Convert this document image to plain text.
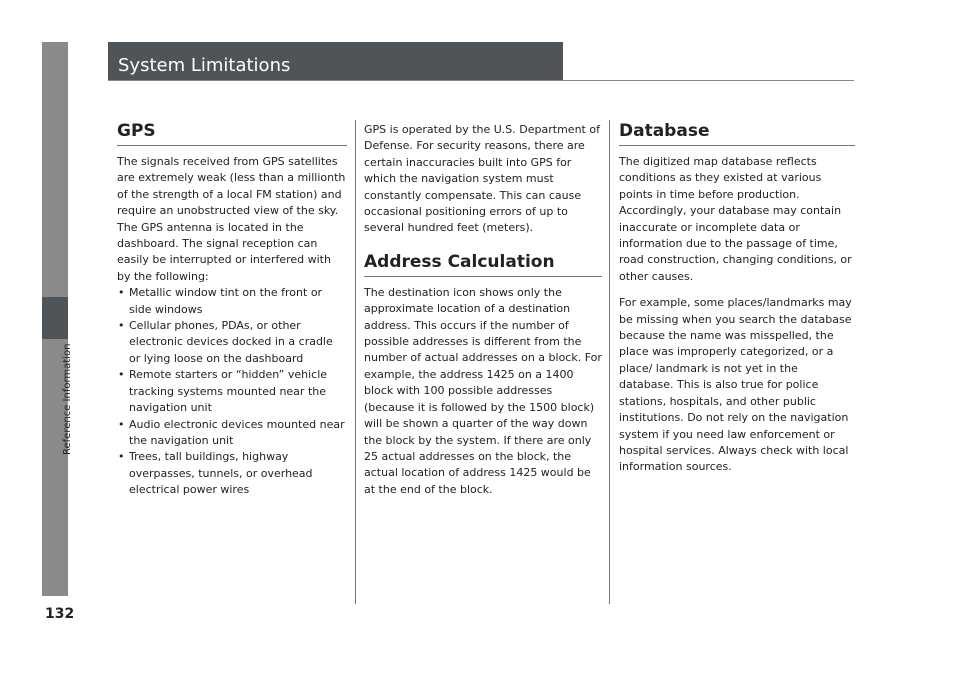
Reference Information
132
System Limitations
GPS

The signals received from GPS satellites are extremely weak (less than a millionth of the strength of a local FM station) and require an unobstructed view of the sky. The GPS antenna is located in the dashboard. The signal reception can easily be interrupted or interfered with by the following:

• Metallic window tint on the front or side windows
• Cellular phones, PDAs, or other electronic devices docked in a cradle or lying loose on the dashboard
• Remote starters or “hidden” vehicle tracking systems mounted near the navigation unit
• Audio electronic devices mounted near the navigation unit
• Trees, tall buildings, highway overpasses, tunnels, or overhead electrical power wires

GPS is operated by the U.S. Department of Defense. For security reasons, there are certain inaccuracies built into GPS for which the navigation system must constantly compensate. This can cause occasional positioning errors of up to several hundred feet (meters).

Address Calculation

The destination icon shows only the approximate location of a destination address. This occurs if the number of possible addresses is different from the number of actual addresses on a block. For example, the address 1425 on a 1400 block with 100 possible addresses (because it is followed by the 1500 block) will be shown a quarter of the way down the block by the system. If there are only 25 actual addresses on the block, the actual location of address 1425 would be at the end of the block.

Database

The digitized map database reflects conditions as they existed at various points in time before production. Accordingly, your database may contain inaccurate or incomplete data or information due to the passage of time, road construction, changing conditions, or other causes.

For example, some places/landmarks may be missing when you search the database because the name was misspelled, the place was improperly categorized, or a place/ landmark is not yet in the database. This is also true for police stations, hospitals, and other public institutions. Do not rely on the navigation system if you need law enforcement or hospital services. Always check with local information sources.
